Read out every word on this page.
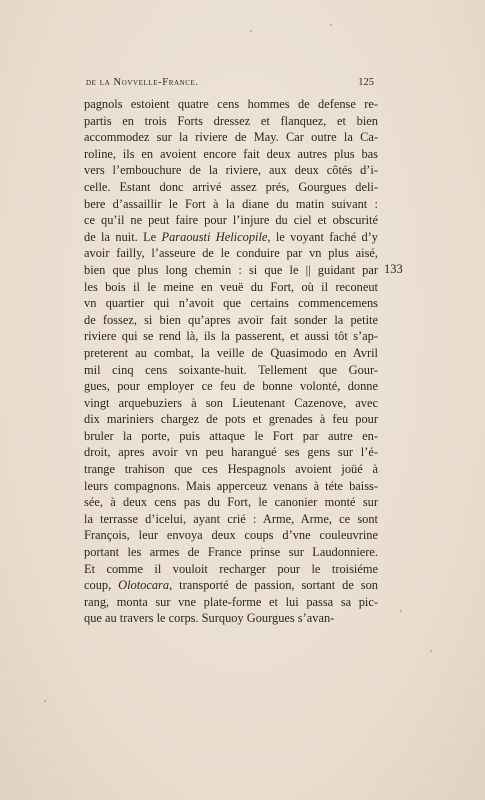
de la Novvelle-France.	125
pagnols estoient quatre cens hommes de defense re-
partis en trois Forts dressez et flanquez, et bien
accommodez sur la riviere de May. Car outre la Ca-
roline, ils en avoient encore fait deux autres plus bas
vers l’embouchure de la riviere, aux deux côtés d’i-
celle. Estant donc arrivé assez prés, Gourgues deli-
bere d’assaillir le Fort à la diane du matin suivant :
ce qu’il ne peut faire pour l’injure du ciel et obscurité
de la nuit. Le Paraousti Helicopile, le voyant faché d’y
avoir failly, l’asseure de le conduire par vn plus aisé,
bien que plus long chemin : si que le || guidant par
les bois il le meine en veuë du Fort, où il reconeut
vn quartier qui n’avoit que certains commencemens
de fossez, si bien qu’apres avoir fait sonder la petite
riviere qui se rend là, ils la passerent, et aussi tôt s’ap-
preterent au combat, la veille de Quasimodo en Avril
mil cinq cens soixante-huit. Tellement que Gour-
gues, pour employer ce feu de bonne volonté, donne
vingt arquebuziers à son Lieutenant Cazenove, avec
dix mariniers chargez de pots et grenades à feu pour
bruler la porte, puis attaque le Fort par autre en-
droit, apres avoir vn peu harangué ses gens sur l’é-
trange trahison que ces Hespagnols avoient joüé à
leurs compagnons. Mais apperceuz venans à téte baiss-
sée, à deux cens pas du Fort, le canonier monté sur
la terrasse d’icelui, ayant crié : Arme, Arme, ce sont
François, leur envoya deux coups d’vne couleuvrine
portant les armes de France prinse sur Laudonniere.
Et comme il vouloit recharger pour le troisiéme
coup, Olotocara, transporté de passion, sortant de son
rang, monta sur vne plate-forme et lui passa sa pic-
que au travers le corps. Surquoy Gourgues s’avan-
133
